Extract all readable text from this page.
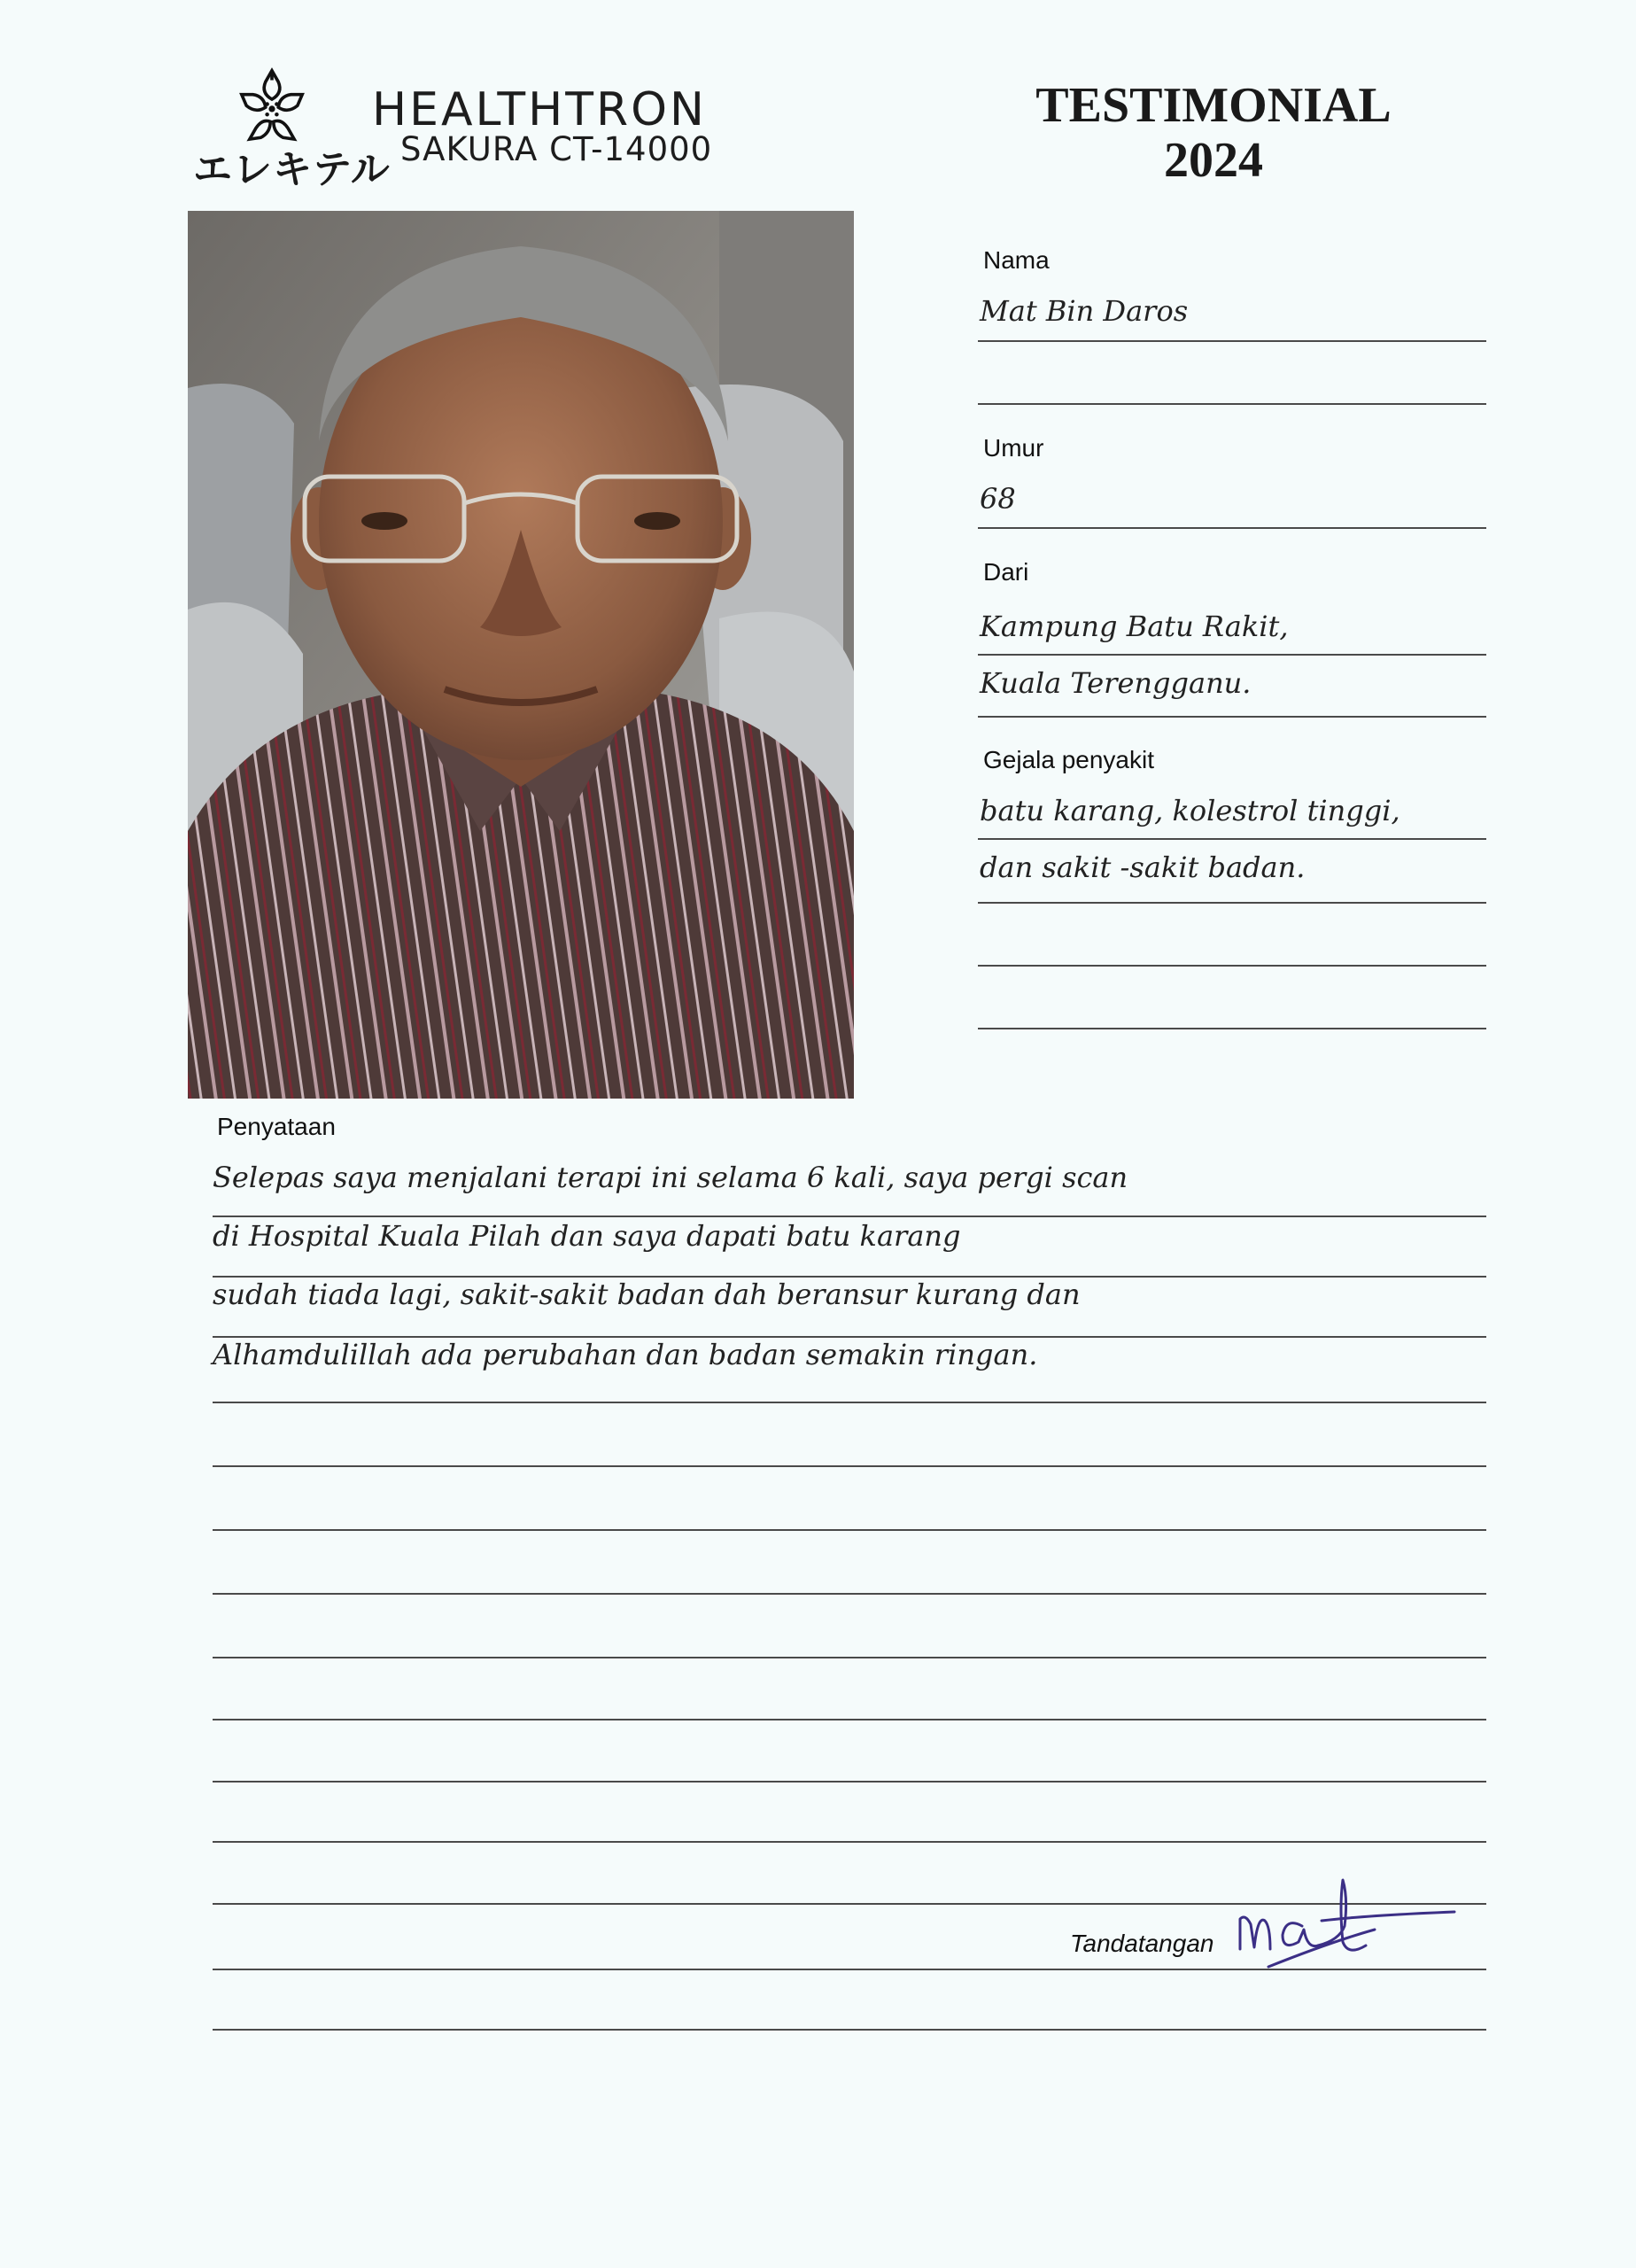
エレキテル
HEALTHTRON
SAKURA CT-14000
TESTIMONIAL
2024
Nama
Mat Bin Daros
Umur
68
Dari
Kampung Batu Rakit,
Kuala Terengganu.
Gejala penyakit
batu karang, kolestrol tinggi,
dan sakit -sakit badan.
Penyataan
Selepas saya menjalani terapi ini selama 6 kali, saya pergi scan
di Hospital Kuala Pilah dan saya dapati batu karang
sudah tiada lagi, sakit-sakit badan dah beransur kurang dan
Alhamdulillah ada perubahan dan badan semakin ringan.
Tandatangan
